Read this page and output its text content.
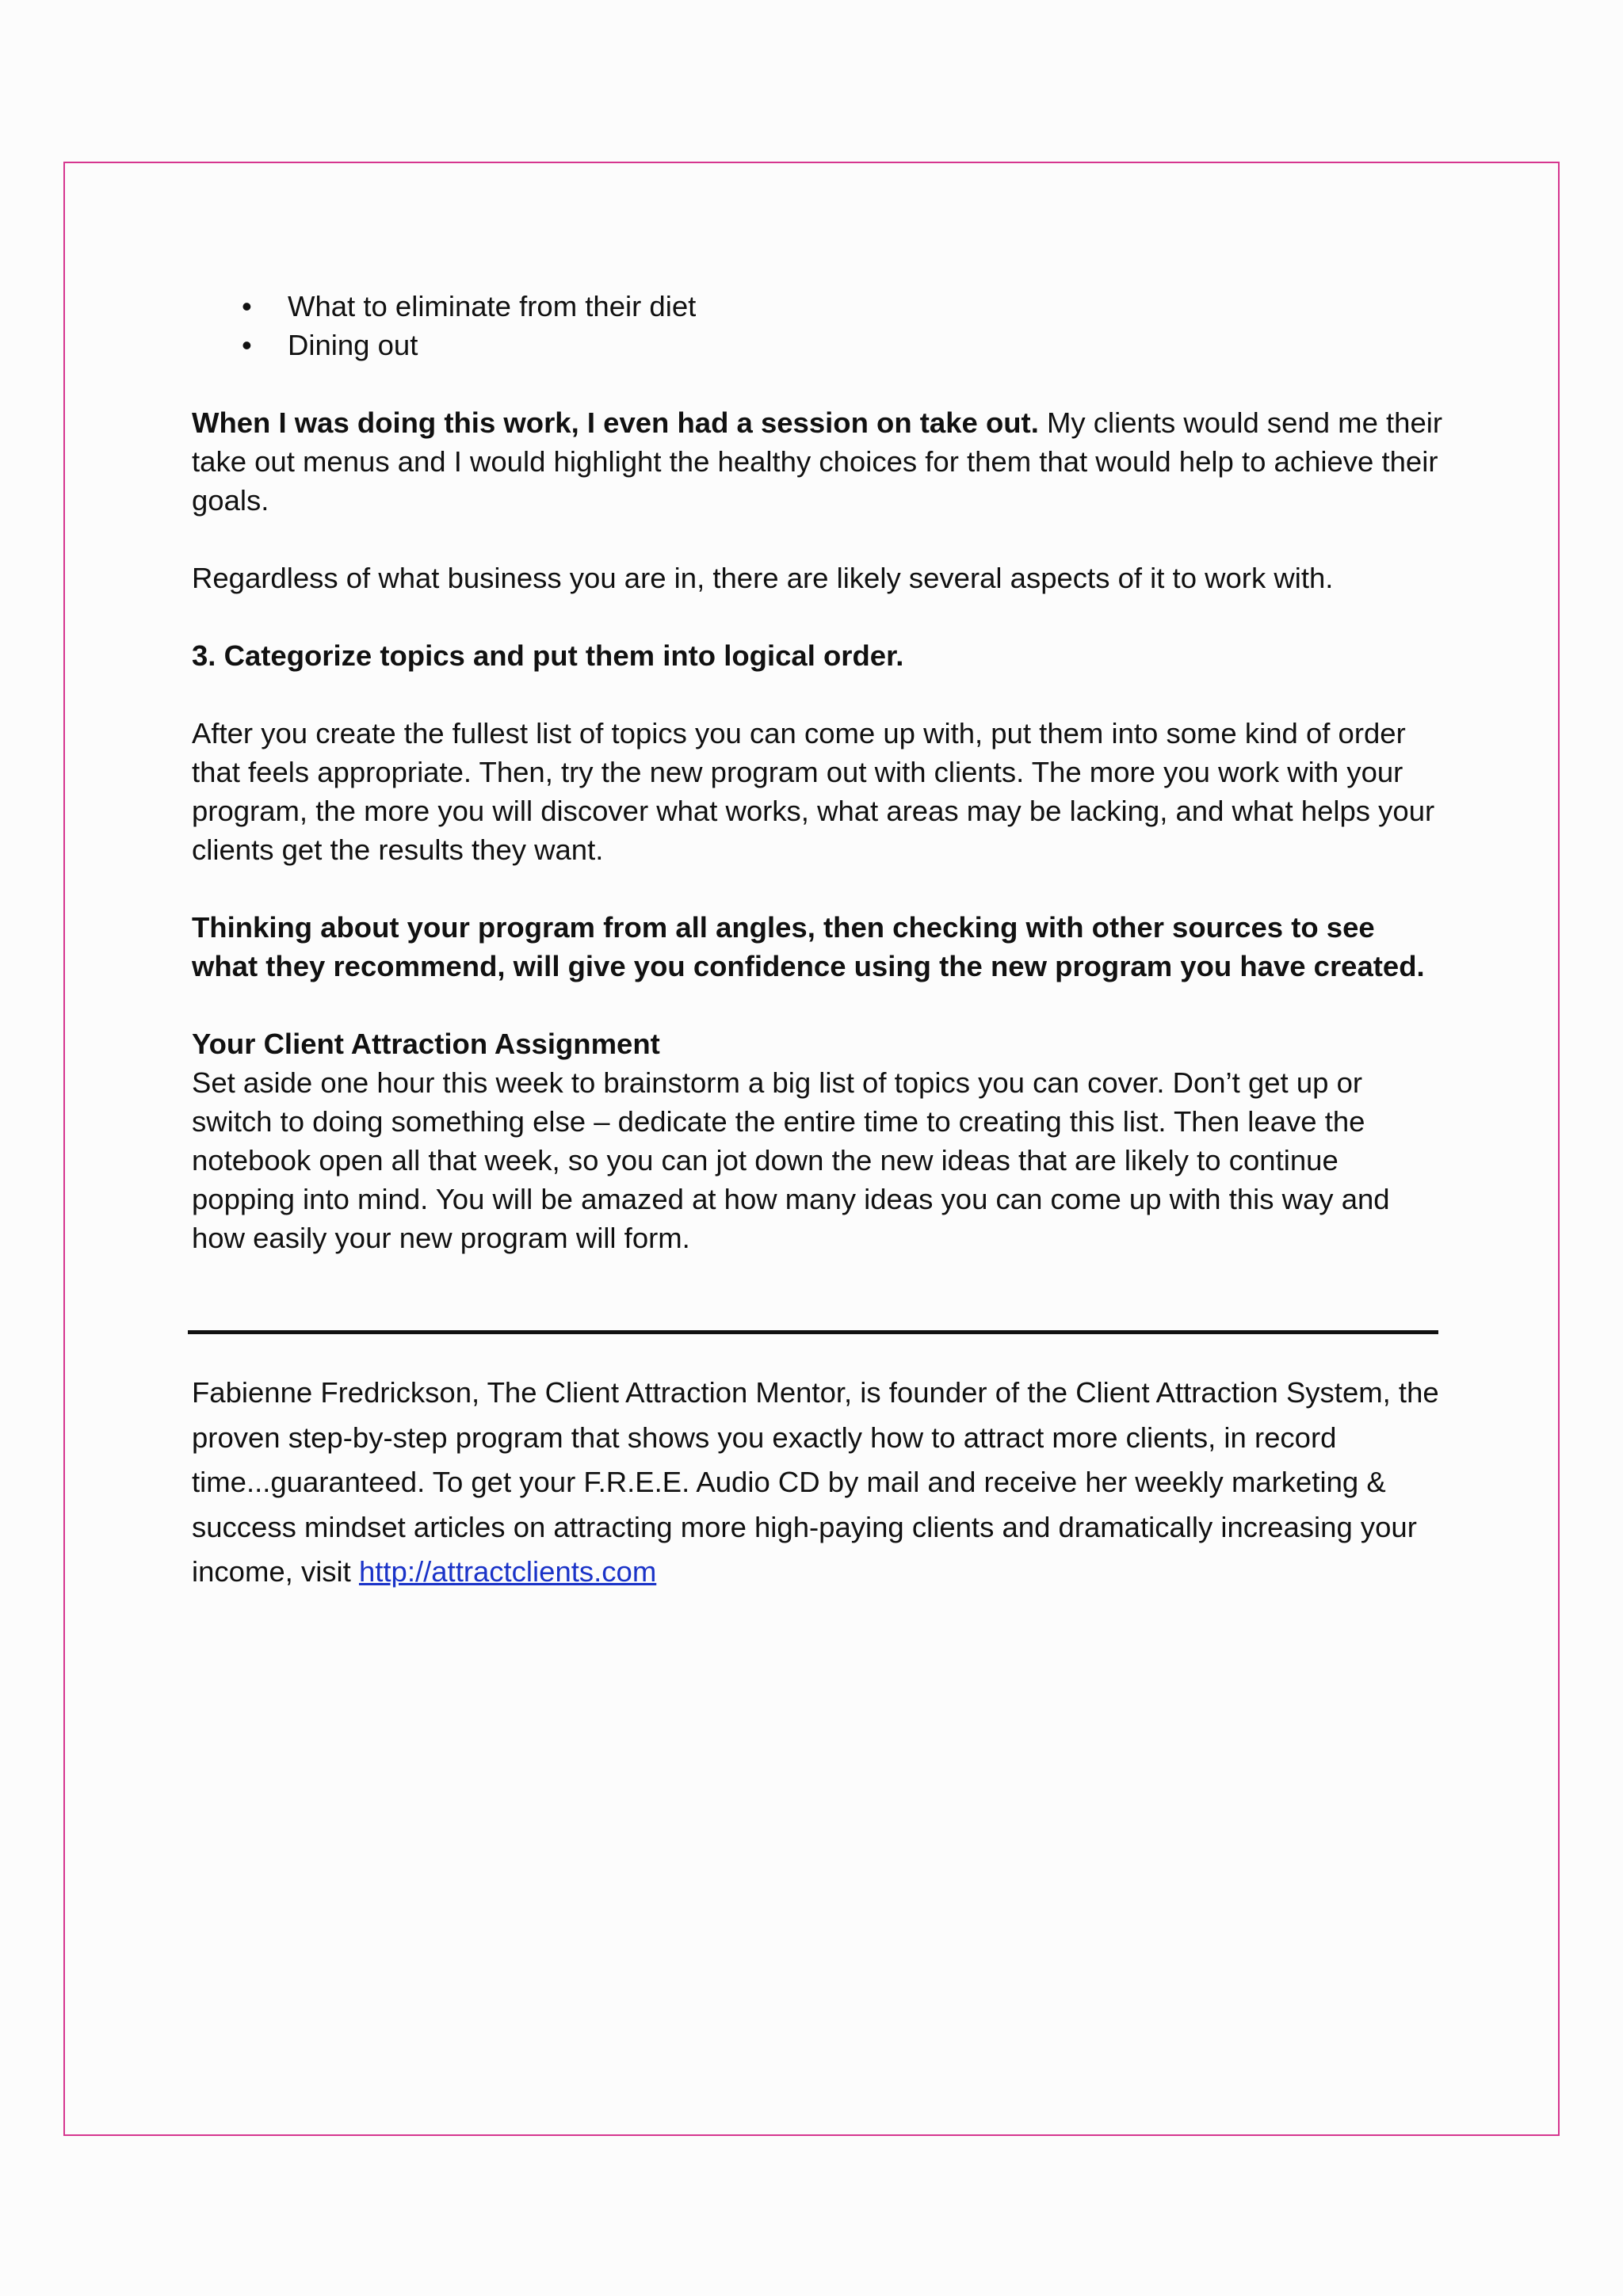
• What to eliminate from their diet
• Dining out

When I was doing this work, I even had a session on take out. My clients would send me their take out menus and I would highlight the healthy choices for them that would help to achieve their goals.

Regardless of what business you are in, there are likely several aspects of it to work with.

3. Categorize topics and put them into logical order.

After you create the fullest list of topics you can come up with, put them into some kind of order that feels appropriate. Then, try the new program out with clients. The more you work with your program, the more you will discover what works, what areas may be lacking, and what helps your clients get the results they want.

Thinking about your program from all angles, then checking with other sources to see what they recommend, will give you confidence using the new program you have created.

Your Client Attraction Assignment
Set aside one hour this week to brainstorm a big list of topics you can cover. Don’t get up or switch to doing something else – dedicate the entire time to creating this list. Then leave the notebook open all that week, so you can jot down the new ideas that are likely to continue popping into mind. You will be amazed at how many ideas you can come up with this way and how easily your new program will form.

Fabienne Fredrickson, The Client Attraction Mentor, is founder of the Client Attraction System, the proven step-by-step program that shows you exactly how to attract more clients, in record time...guaranteed. To get your F.R.E.E. Audio CD by mail and receive her weekly marketing & success mindset articles on attracting more high-paying clients and dramatically increasing your income, visit http://attractclients.com
